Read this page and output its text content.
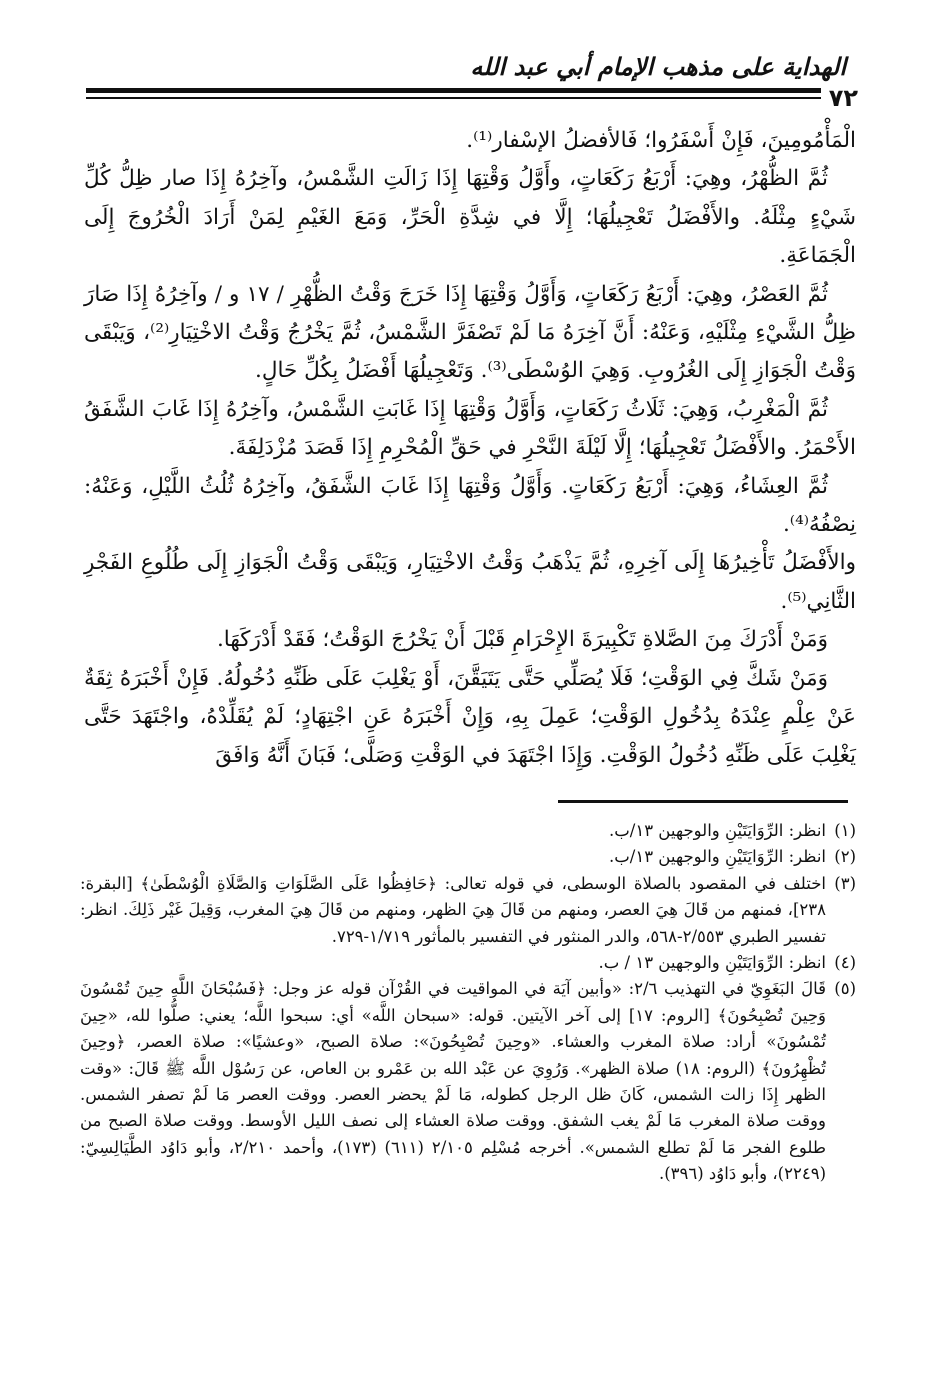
الهداية على مذهب الإمام أبي عبد الله
٧٢

الْمَأْمُومِينَ، فَإِنْ أَسْفَرُوا؛ فَالأفضلُ الإسْفار⁽¹⁾.

ثُمَّ الظُّهْرُ، وهِيَ: أَرْبَعُ رَكَعَاتٍ، وأَوَّلُ وَقْتِهَا إِذَا زَالَتِ الشَّمْسُ، وآخِرُهُ إِذَا صار ظِلُّ كُلِّ شَيْءٍ مِثْلَهُ. والأَفْضَلُ تَعْجِيلُهَا؛ إِلَّا في شِدَّةِ الْحَرِّ، وَمَعَ الغَيْمِ لِمَنْ أَرَادَ الْخُرُوجَ إِلَى الْجَمَاعَةِ.

ثُمَّ العَصْرُ، وهِيَ: أَرْبَعُ رَكَعَاتٍ، وَأَوَّلُ وَقْتِهَا إِذَا خَرَجَ وَقْتُ الظُّهْرِ / ١٧ و / وآخِرُهُ إِذَا صَارَ ظِلُّ الشَّيْءِ مِثْلَيْهِ، وَعَنْهُ: أَنَّ آخِرَهُ مَا لَمْ تَصْفَرَّ الشَّمْسُ، ثُمَّ يَخْرُجُ وَقْتُ الاخْتِيَارِ⁽²⁾، وَيَبْقَى وَقْتُ الْجَوَازِ إِلَى الغُرُوبِ. وَهِيَ الوُسْطَى⁽³⁾. وَتَعْجِيلُهَا أَفْضَلُ بِكُلِّ حَالٍ.

ثُمَّ الْمَغْرِبُ، وَهِيَ: ثَلَاثُ رَكَعَاتٍ، وَأَوَّلُ وَقْتِهَا إِذَا غَابَتِ الشَّمْسُ، وآخِرُهُ إِذَا غَابَ الشَّفَقُ الأَحْمَرُ. والأَفْضَلُ تَعْجِيلُهَا؛ إِلَّا لَيْلَةَ النَّحْرِ في حَقِّ الْمُحْرِمِ إِذَا قَصَدَ مُزْدَلِفَةَ.

ثُمَّ العِشَاءُ، وَهِيَ: أَرْبَعُ رَكَعَاتٍ. وَأَوَّلُ وَقْتِهَا إِذَا غَابَ الشَّفَقُ، وآخِرُهُ ثُلُثُ اللَّيْلِ، وَعَنْهُ: نِصْفُهُ⁽⁴⁾.

والأَفْضَلُ تَأْخِيرُهَا إِلَى آخِرِهِ، ثُمَّ يَذْهَبُ وَقْتُ الاخْتِيَارِ، وَيَبْقَى وَقْتُ الْجَوَازِ إِلَى طُلُوعِ الفَجْرِ الثَّانِي⁽⁵⁾.

وَمَنْ أَدْرَكَ مِنَ الصَّلاةِ تَكْبِيرَةَ الإِحْرَامِ قَبْلَ أَنْ يَخْرُجَ الوَقْتُ؛ فَقَدْ أَدْرَكَهَا.

وَمَنْ شَكَّ فِي الوَقْتِ؛ فَلَا يُصَلِّي حَتَّى يَتَيَقَّنَ، أَوْ يَغْلِبَ عَلَى ظَنِّهِ دُخُولُهُ. فَإِنْ أَخْبَرَهُ ثِقَةٌ عَنْ عِلْمٍ عِنْدَهُ بِدُخُولِ الوَقْتِ؛ عَمِلَ بِهِ، وَإِنْ أَخْبَرَهُ عَنِ اجْتِهَادٍ؛ لَمْ يُقَلِّدْهُ، واجْتَهَدَ حَتَّى يَغْلِبَ عَلَى ظَنِّهِ دُخُولُ الوَقْتِ. وَإِذَا اجْتَهَدَ في الوَقْتِ وَصَلَّى؛ فَبَانَ أَنَّهُ وَافَقَ

(١)
انظر: الرِّوَايَتَيْنِ والوجهين ١٣/ب.
(٢)
انظر: الرِّوَايَتَيْنِ والوجهين ١٣/ب.
(٣)
اختلف في المقصود بالصلاة الوسطى، في قوله تعالى: ﴿حَافِظُوا عَلَى الصَّلَوَاتِ وَالصَّلَاةِ الْوُسْطَىٰ﴾ [البقرة: ٢٣٨]، فمنهم من قَالَ هِيَ العصر، ومنهم من قَالَ هِيَ الظهر، ومنهم من قَالَ هِيَ المغرب، وَقِيلَ غَيْر ذَلِكَ. انظر: تفسير الطبري ٢/٥٥٣-٥٦٨، والدر المنثور في التفسير بالمأثور ١/٧١٩-٧٢٩.
(٤)
انظر: الرِّوَايَتَيْنِ والوجهين ١٣ / ب.
(٥)
قَالَ البَغَوِيّ في التهذيب ٢/٦: «وأبين آيَة في المواقيت في القُرْآن قوله عز وجل: ﴿فَسُبْحَانَ اللَّهِ حِينَ تُمْسُونَ وَحِينَ تُصْبِحُونَ﴾ [الروم: ١٧] إلى آخر الآيتين. قوله: «سبحان اللَّه» أي: سبحوا اللَّه؛ يعني: صلُّوا لله، «حِينَ تُمْسُونَ» أراد: صلاة المغرب والعشاء. «وحِينَ تُصْبِحُونَ»: صلاة الصبح، «وعشيًا»: صلاة العصر، ﴿وحِينَ تُظْهِرُونَ﴾ (الروم: ١٨) صلاة الظهر». وَرُوِيَ عن عَبْد الله بن عَمْرو بن العاص، عن رَسُوْل اللَّه ﷺ قَالَ: «وقت الظهر إِذَا زالت الشمس، كَانَ ظل الرجل كطوله، مَا لَمْ يحضر العصر. ووقت العصر مَا لَمْ تصفر الشمس. ووقت صلاة المغرب مَا لَمْ يغب الشفق. ووقت صلاة العشاء إلى نصف الليل الأوسط. ووقت صلاة الصبح من طلوع الفجر مَا لَمْ تطلع الشمس». أخرجه مُسْلِم ٢/١٠٥ (٦١١) (١٧٣)، وأحمد ٢/٢١٠، وأبو دَاوُد الطَّيَالِسِيّ: (٢٢٤٩)، وأبو دَاوُد (٣٩٦).
